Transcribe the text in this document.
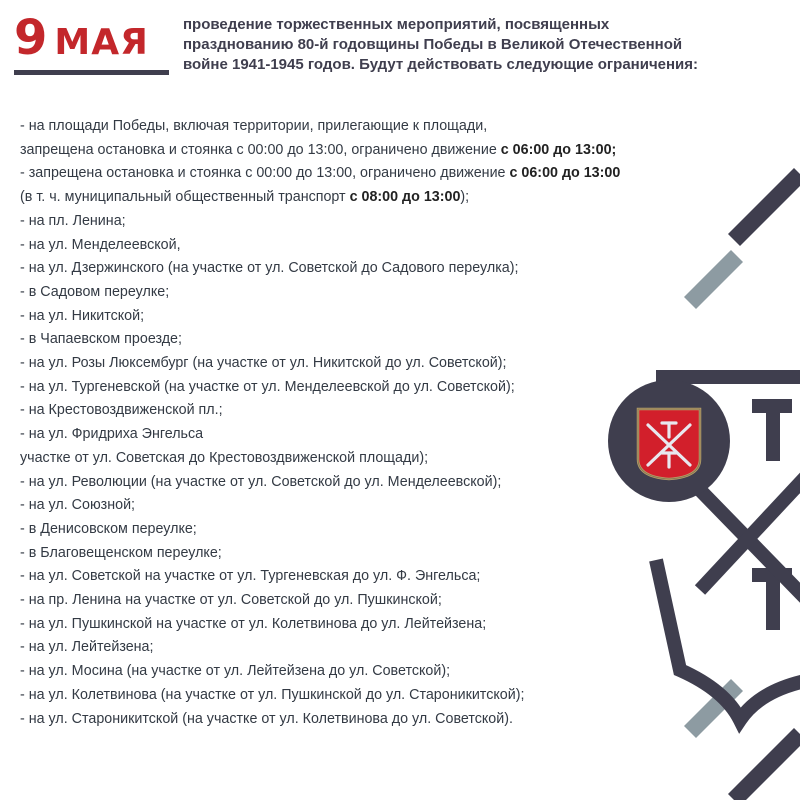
9 МАЯ проведение торжественных мероприятий, посвященных
празднованию 80-й годовщины Победы в Великой Отечественной
войне 1941-1945 годов. Будут действовать следующие ограничения:
- на площади Победы, включая территории, прилегающие к площади,
запрещена остановка и стоянка с 00:00 до 13:00, ограничено движение с 06:00 до 13:00;
- запрещена остановка и стоянка с 00:00 до 13:00, ограничено движение с 06:00 до 13:00
(в т. ч. муниципальный общественный транспорт с 08:00 до 13:00);
- на пл. Ленина;
- на ул. Менделеевской,
- на ул. Дзержинского (на участке от ул. Советской до Садового переулка);
- в Садовом переулке;
- на ул. Никитской;
- в Чапаевском проезде;
- на ул. Розы Люксембург (на участке от ул. Никитской до ул. Советской);
- на ул. Тургеневской (на участке от ул. Менделеевской до ул. Советской);
- на Крестовоздвиженской пл.;
- на ул. Фридриха Энгельса
участке от ул. Советская до Крестовоздвиженской площади);
- на ул. Революции (на участке от ул. Советской до ул. Менделеевской);
- на ул. Союзной;
- в Денисовском переулке;
- в Благовещенском переулке;
- на ул. Советской на участке от ул. Тургеневская до ул. Ф. Энгельса;
- на пр. Ленина на участке от ул. Советской до ул. Пушкинской;
- на ул. Пушкинской на участке от ул. Колетвинова до ул. Лейтейзена;
- на ул. Лейтейзена;
- на ул. Мосина (на участке от ул. Лейтейзена до ул. Советской);
- на ул. Колетвинова (на участке от ул. Пушкинской до ул. Староникитской);
- на ул. Староникитской (на участке от ул. Колетвинова до ул. Советской).
